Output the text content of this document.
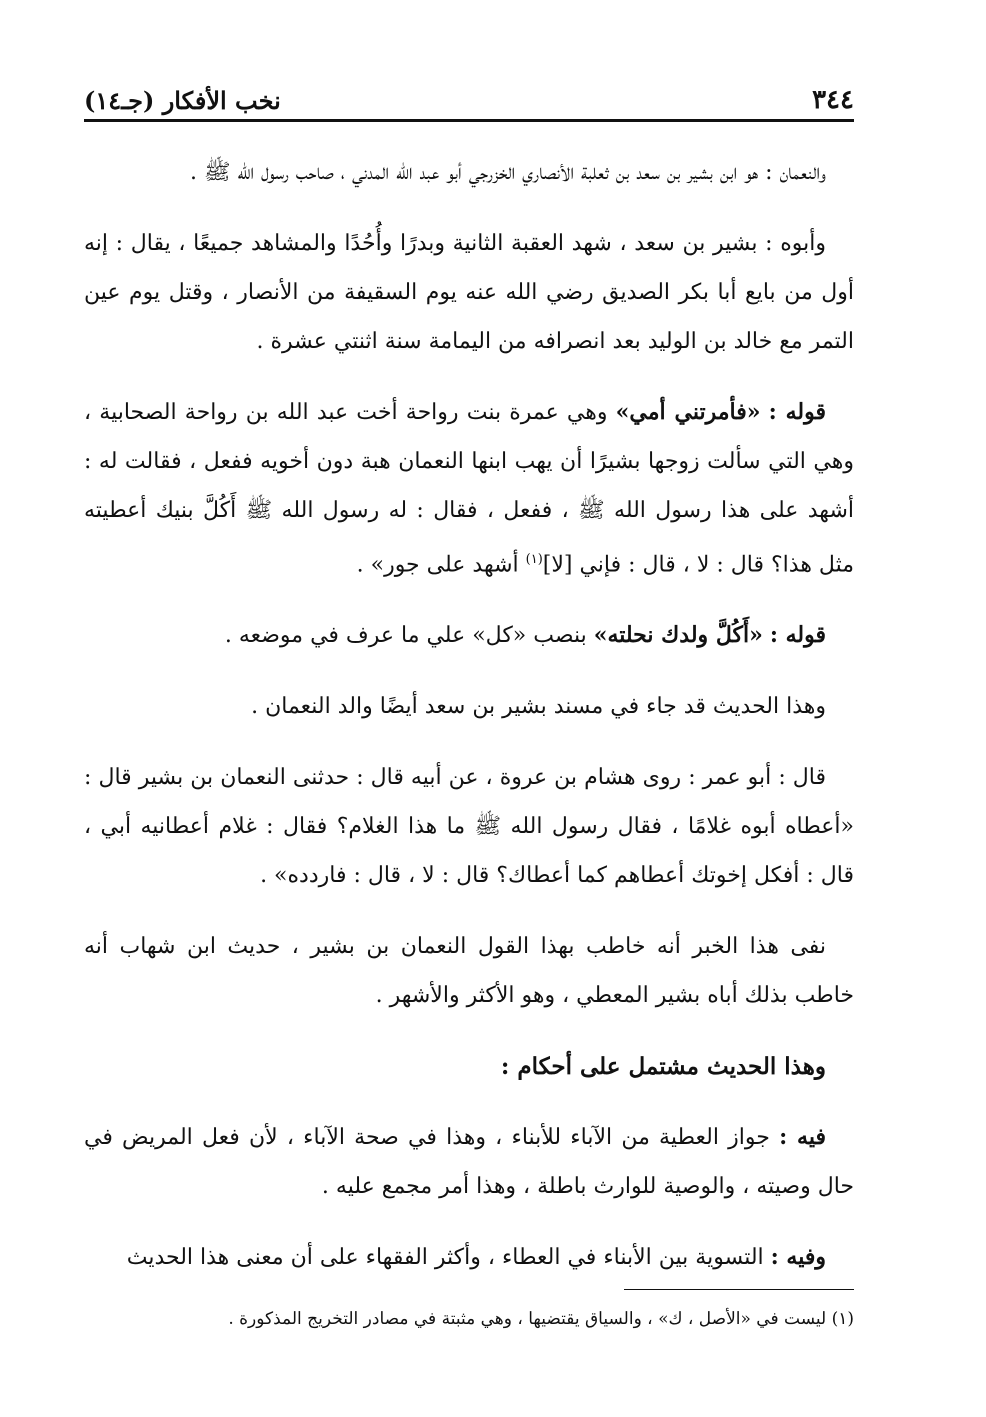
٣٤٤
نخب الأفكار (جـ١٤)

والنعمان : هو ابن بشير بن سعد بن ثعلبة الأنصاري الخزرجي أبو عبد الله المدني ، صاحب رسول الله ﷺ .

وأبوه : بشير بن سعد ، شهد العقبة الثانية وبدرًا وأُحُدًا والمشاهد جميعًا ، يقال : إنه أول من بايع أبا بكر الصديق رضي الله عنه يوم السقيفة من الأنصار ، وقتل يوم عين التمر مع خالد بن الوليد بعد انصرافه من اليمامة سنة اثنتي عشرة .

قوله : «فأمرتني أمي» وهي عمرة بنت رواحة أخت عبد الله بن رواحة الصحابية ، وهي التي سألت زوجها بشيرًا أن يهب ابنها النعمان هبة دون أخويه ففعل ، فقالت له : أشهد على هذا رسول الله ﷺ ، ففعل ، فقال : له رسول الله ﷺ أَكُلَّ بنيك أعطيته مثل هذا؟ قال : لا ، قال : فإني [لا]$^{(١)}$ أشهد على جور» .

قوله : «أَكُلَّ ولدك نحلته» بنصب «كل» علي ما عرف في موضعه .

وهذا الحديث قد جاء في مسند بشير بن سعد أيضًا والد النعمان .

قال : أبو عمر : روى هشام بن عروة ، عن أبيه قال : حدثنى النعمان بن بشير قال : «أعطاه أبوه غلامًا ، فقال رسول الله ﷺ ما هذا الغلام؟ فقال : غلام أعطانيه أبي ، قال : أفكل إخوتك أعطاهم كما أعطاك؟ قال : لا ، قال : فاردده» .

نفى هذا الخبر أنه خاطب بهذا القول النعمان بن بشير ، حديث ابن شهاب أنه خاطب بذلك أباه بشير المعطي ، وهو الأكثر والأشهر .

وهذا الحديث مشتمل على أحكام :

فيه : جواز العطية من الآباء للأبناء ، وهذا في صحة الآباء ، لأن فعل المريض في حال وصيته ، والوصية للوارث باطلة ، وهذا أمر مجمع عليه .

وفيه : التسوية بين الأبناء في العطاء ، وأكثر الفقهاء على أن معنى هذا الحديث

(١) ليست في «الأصل ، ك» ، والسياق يقتضيها ، وهي مثبتة في مصادر التخريج المذكورة .
